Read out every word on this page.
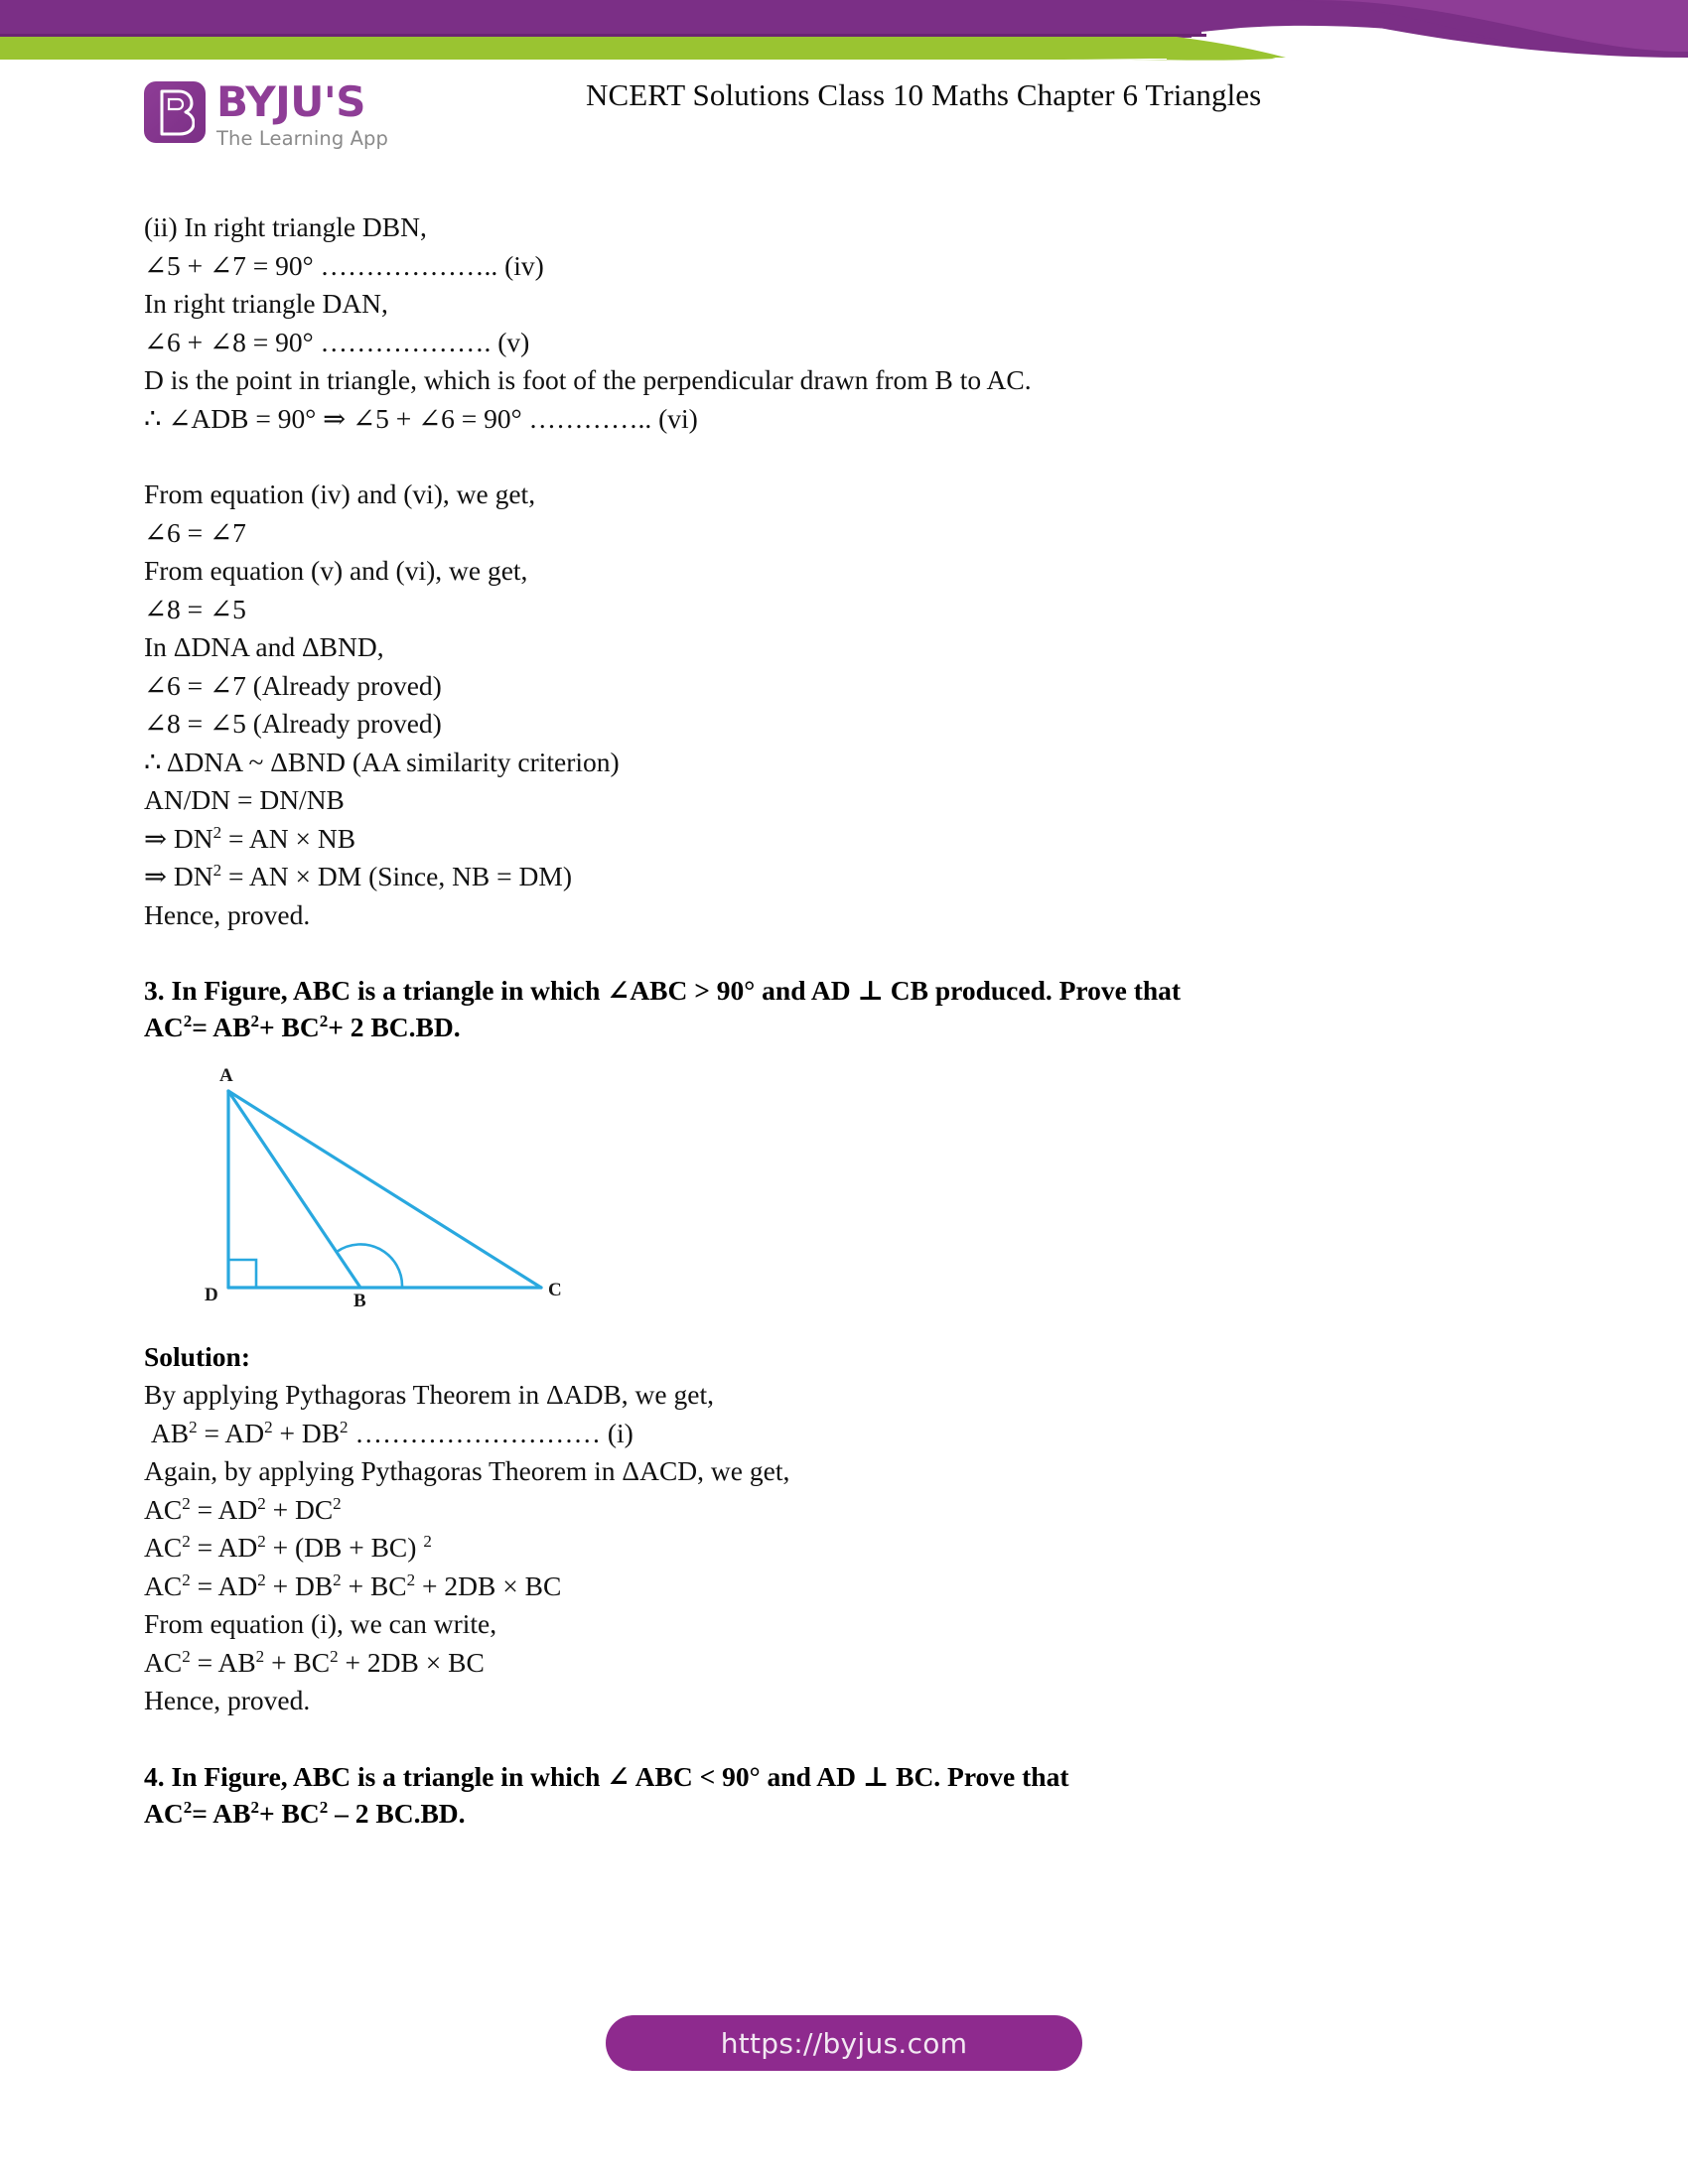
BYJU'S
The Learning App
NCERT Solutions Class 10 Maths Chapter 6 Triangles
(ii) In right triangle DBN,
∠5 + ∠7 = 90° ……………….. (iv)
In right triangle DAN,
∠6 + ∠8 = 90° ………………. (v)
D is the point in triangle, which is foot of the perpendicular drawn from B to AC.
∴ ∠ADB = 90° ⇒ ∠5 + ∠6 = 90° ………….. (vi)
From equation (iv) and (vi), we get,
∠6 = ∠7
From equation (v) and (vi), we get,
∠8 = ∠5
In ΔDNA and ΔBND,
∠6 = ∠7 (Already proved)
∠8 = ∠5 (Already proved)
∴ ΔDNA ~ ΔBND (AA similarity criterion)
AN/DN = DN/NB
⇒ $DN^2$ = AN × NB
⇒ $DN^2$ = AN × DM (Since, NB = DM)
Hence, proved.
3. In Figure, ABC is a triangle in which ∠ABC > 90° and AD ⊥ CB produced. Prove that
$AC^2= AB^2+ BC^2+ 2$ BC.BD.
A
D	B
C
Solution:
By applying Pythagoras Theorem in ΔADB, we get,
$AB^2 = AD^2 + DB^2$ ……………………… (i)
Again, by applying Pythagoras Theorem in ΔACD, we get,
$AC^2 = AD^2 + DC^2$
$AC^2 = AD^2 + (DB + BC)$ $^2$
$AC^2 = AD^2 + DB^2 + BC^2 + 2DB$ × BC
From equation (i), we can write,
$AC^2 = AB^2 + BC^2 + 2DB$ × BC
Hence, proved.
4. In Figure, ABC is a triangle in which ∠ ABC < 90° and AD ⊥ BC. Prove that
$AC^2= AB^2+ BC^2 - 2$ BC.BD.
https://byjus.com
